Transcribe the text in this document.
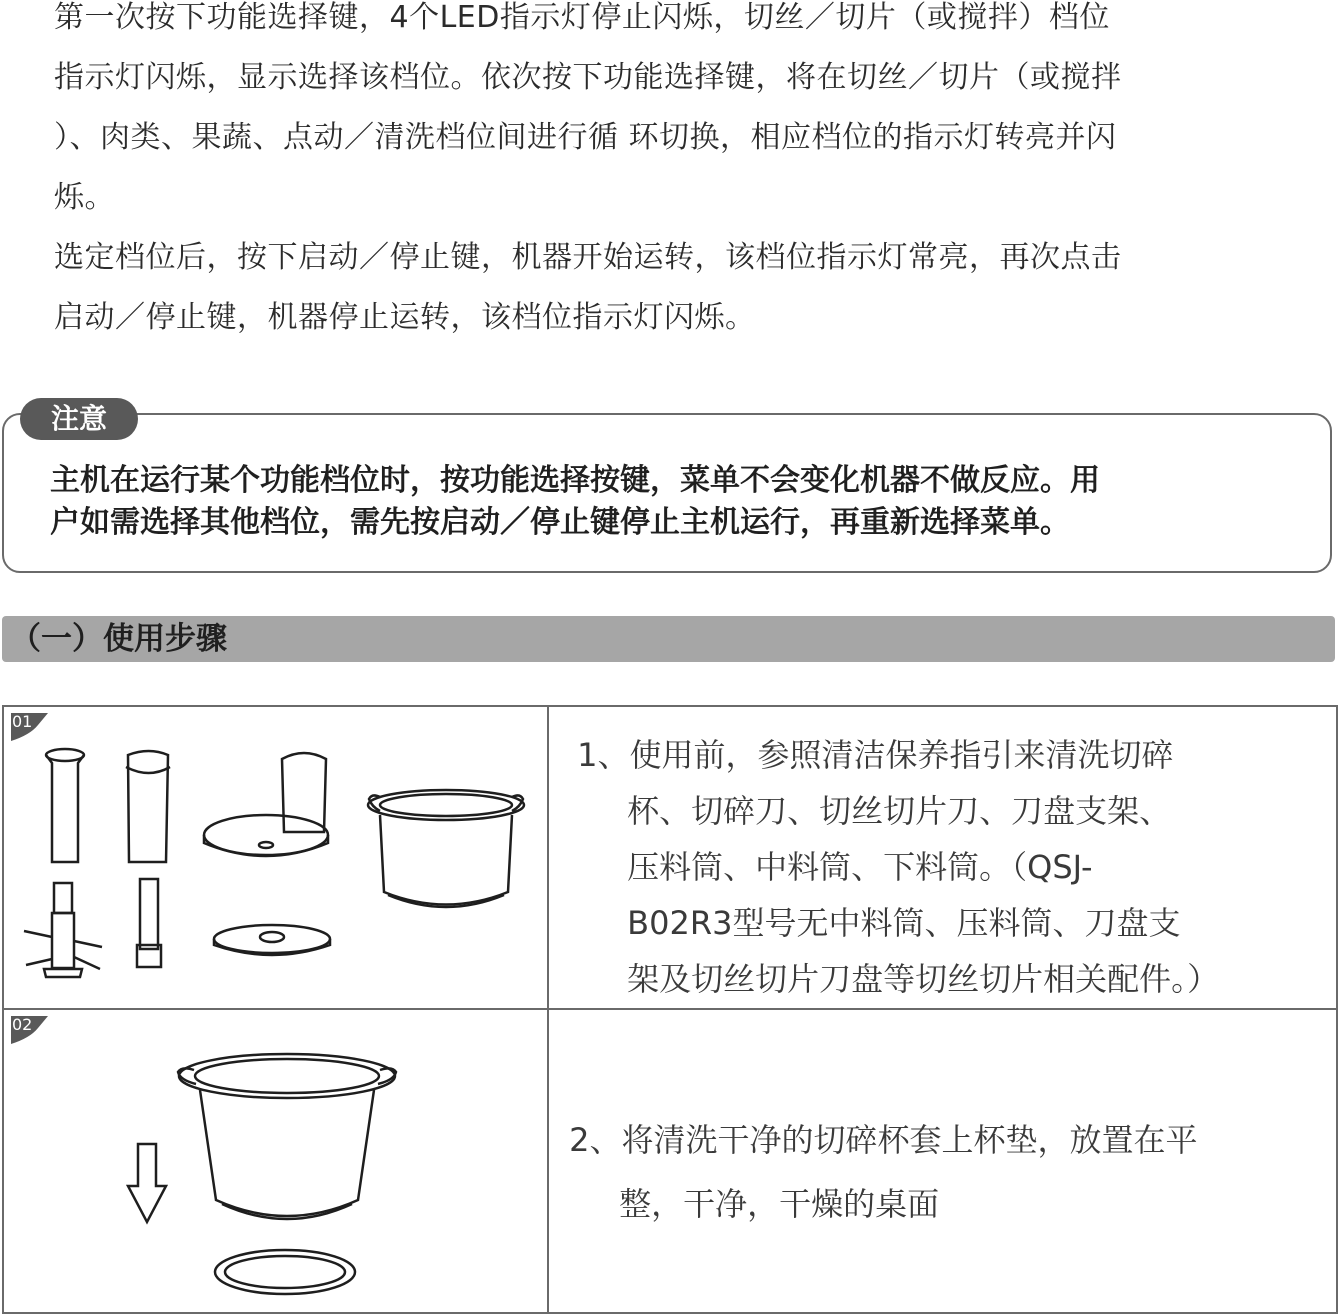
第一次按下功能选择键，4个LED指示灯停止闪烁，切丝／切片（或搅拌）档位

指示灯闪烁，显示选择该档位。依次按下功能选择键，将在切丝／切片（或搅拌

）、肉类、果蔬、点动／清洗档位间进行循 环切换，相应档位的指示灯转亮并闪

烁。

选定档位后，按下启动／停止键，机器开始运转，该档位指示灯常亮，再次点击

启动／停止键，机器停止运转，该档位指示灯闪烁。

注意
主机在运行某个功能档位时，按功能选择按键，菜单不会变化机器不做反应。用
户如需选择其他档位，需先按启动／停止键停止主机运行，再重新选择菜单。
（一）使用步骤
01	1、使用前，参照清洁保养指引来清洗切碎
杯、切碎刀、切丝切片刀、刀盘支架、
压料筒、中料筒、下料筒。（QSJ-
B02R3型号无中料筒、压料筒、刀盘支
架及切丝切片刀盘等切丝切片相关配件。）

02	2、将清洗干净的切碎杯套上杯垫，放置在平
整，干净，干燥的桌面
